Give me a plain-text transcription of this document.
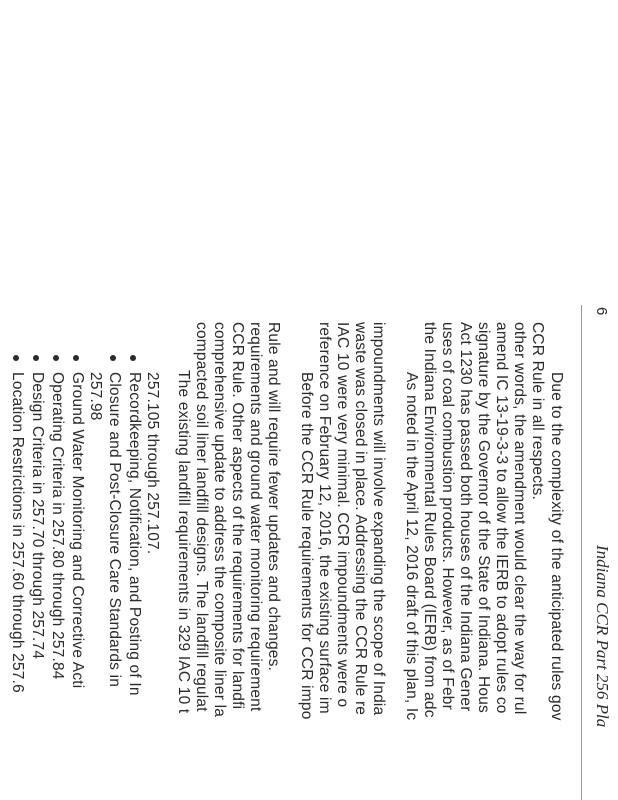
Location Restrictions in 257.60 through 257.6 Design Criteria in 257.70 through 257.74 Operating Criteria in 257.80 through 257.84 Ground Water Monitoring and Corrective Acti 257.98 Closure and Post-Closure Care Standards in Recordkeeping, Notification, and Posting of In 257.105 through 257.107. The existing landfill requirements in 329 IAC 10 t compacted soil liner landfill designs. The landfill regulat comprehensive update to address the composite liner la CCR Rule. Other aspects of the requirements for landfi requirements and ground water monitoring requirement Rule and will require fewer updates and changes. Before the CCR Rule requirements for CCR impo reference on February 12, 2016, the existing surface im IAC 10 were very minimal. CCR impoundments were o waste was closed in place. Addressing the CCR Rule re impoundments will involve expanding the scope of India As noted in the April 12, 2016 draft of this plan, Ic the Indiana Environmental Rules Board (IERB) from adc uses of coal combustion products. However, as of Febr Act 1230 has passed both houses of the Indiana Gener signature by the Governor of the State of Indiana. Hous amend IC 13-19-3-3 to allow the IERB to adopt rules co other words, the amendment would clear the way for rul CCR Rule in all respects.
6
Indiana CCR Part 256 Pla
Due to the complexity of the anticipated rules gov
